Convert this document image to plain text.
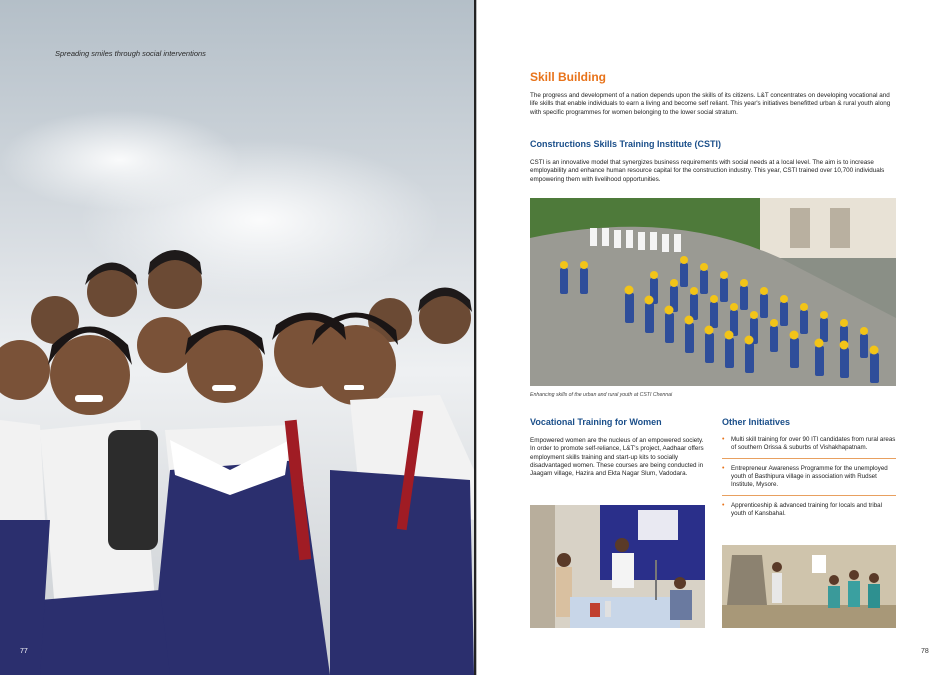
Spreading smiles through social interventions
77
Skill Building
The progress and development of a nation depends upon the skills of its citizens. L&T concentrates on developing vocational and life skills that enable individuals to earn a living and become self reliant. This year's initiatives benefitted urban & rural youth along with specific programmes for women belonging to the lower social stratum.
Constructions Skills Training Institute (CSTI)
CSTI is an innovative model that synergizes business requirements with social needs at a local level. The aim is to increase employability and enhance human resource capital for the construction industry. This year, CSTI trained over 10,700 individuals empowering them with livelihood opportunities.
Enhancing skills of the urban and rural youth at CSTI Chennai
Vocational Training for Women
Empowered women are the nucleus of an empowered society. In order to promote self-reliance, L&T's project, Aadhaar offers employment skills training and start-up kits to socially disadvantaged women. These courses are being conducted in Jaagam village, Hazira and Ekta Nagar Slum, Vadodara.
Other Initiatives
• Multi skill training for over 90 ITI candidates from rural areas of southern Orissa & suburbs of Vishakhapatnam.
• Entrepreneur Awareness Programme for the unemployed youth of Basthipura village in association with Rudset Institute, Mysore.
• Apprenticeship & advanced training for locals and tribal youth of Kansbahal.
78
